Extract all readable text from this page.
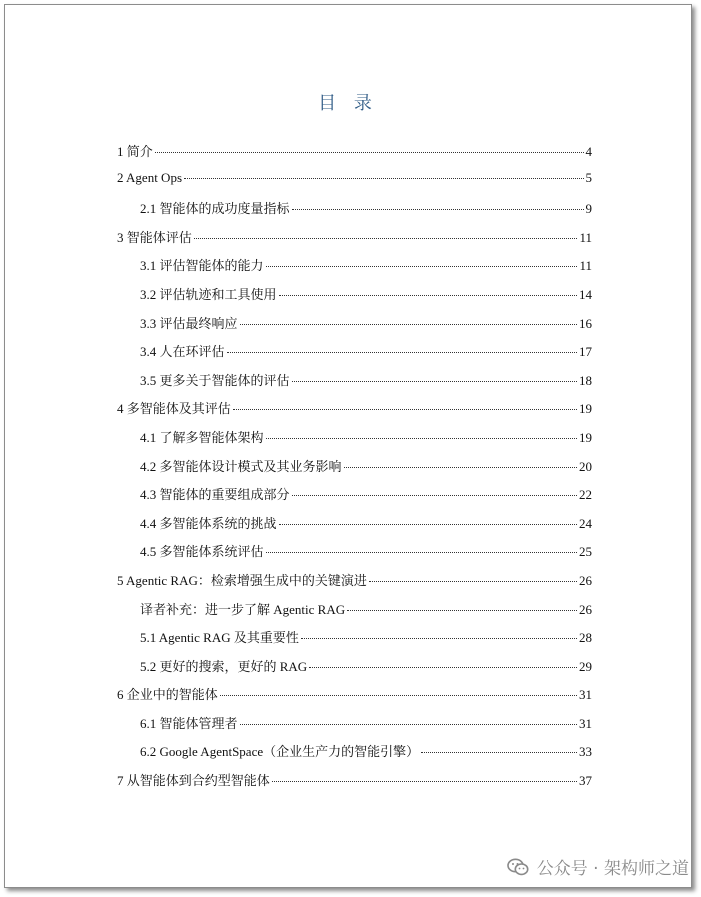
目 录
1 简介	4
2 Agent Ops	5
2.1 智能体的成功度量指标	9
3 智能体评估	11
3.1 评估智能体的能力	11
3.2 评估轨迹和工具使用	14
3.3 评估最终响应	16
3.4 人在环评估	17
3.5 更多关于智能体的评估	18
4 多智能体及其评估	19
4.1 了解多智能体架构	19
4.2 多智能体设计模式及其业务影响	20
4.3 智能体的重要组成部分	22
4.4 多智能体系统的挑战	24
4.5 多智能体系统评估	25
5 Agentic RAG：检索增强生成中的关键演进	26
译者补充：进一步了解 Agentic RAG	26
5.1 Agentic RAG 及其重要性	28
5.2 更好的搜索，更好的 RAG	29
6 企业中的智能体	31
6.1 智能体管理者	31
6.2 Google AgentSpace（企业生产力的智能引擎）	33
7 从智能体到合约型智能体	37
公众号 · 架构师之道
